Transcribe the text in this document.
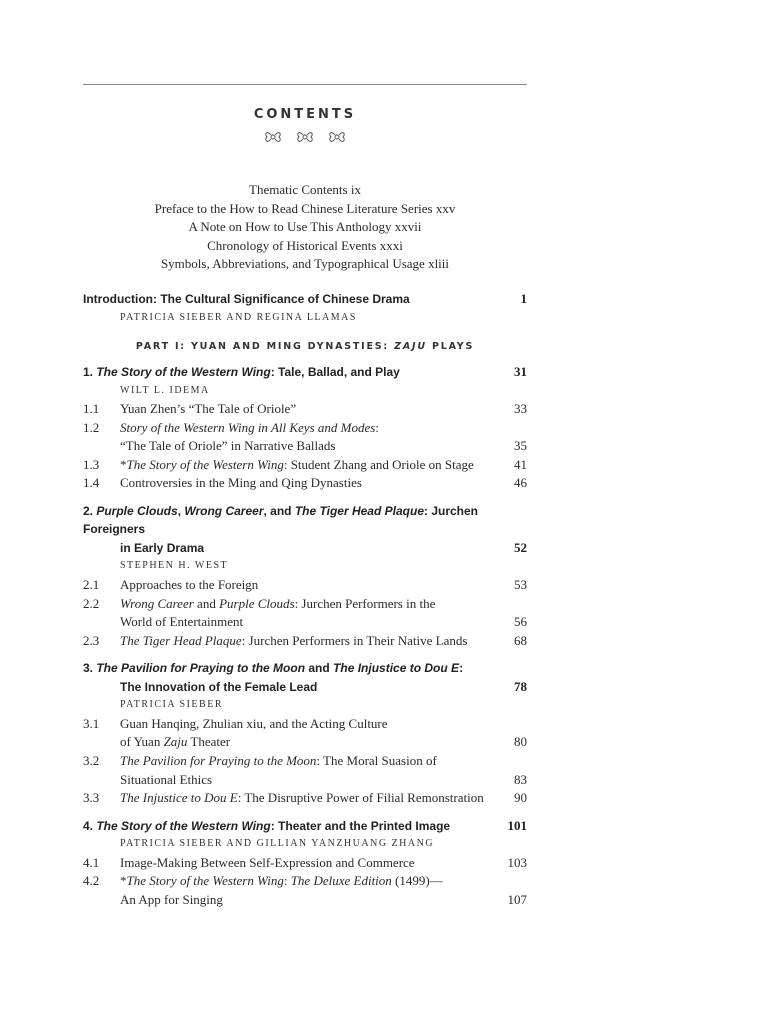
CONTENTS

Thematic Contents ix
Preface to the How to Read Chinese Literature Series xxv
A Note on How to Use This Anthology xxvii
Chronology of Historical Events xxxi
Symbols, Abbreviations, and Typographical Usage xliii
Introduction: The Cultural Significance of Chinese Drama	1
PATRICIA SIEBER AND REGINA LLAMAS
PART I: YUAN AND MING DYNASTIES: ZAJU PLAYS
1. The Story of the Western Wing: Tale, Ballad, and Play	31
WILT L. IDEMA
1.1 Yuan Zhen’s “The Tale of Oriole”	33
1.2 Story of the Western Wing in All Keys and Modes:
“The Tale of Oriole” in Narrative Ballads	35
1.3 *The Story of the Western Wing: Student Zhang and Oriole on Stage	41
1.4 Controversies in the Ming and Qing Dynasties	46
2. Purple Clouds, Wrong Career, and The Tiger Head Plaque: Jurchen Foreigners
in Early Drama	52
STEPHEN H. WEST
2.1 Approaches to the Foreign	53
2.2 Wrong Career and Purple Clouds: Jurchen Performers in the
World of Entertainment	56
2.3 The Tiger Head Plaque: Jurchen Performers in Their Native Lands	68
3. The Pavilion for Praying to the Moon and The Injustice to Dou E:
The Innovation of the Female Lead	78
PATRICIA SIEBER
3.1 Guan Hanqing, Zhulian xiu, and the Acting Culture
of Yuan Zaju Theater	80
3.2 The Pavilion for Praying to the Moon: The Moral Suasion of
Situational Ethics	83
3.3 The Injustice to Dou E: The Disruptive Power of Filial Remonstration 90
4. The Story of the Western Wing: Theater and the Printed Image	101
PATRICIA SIEBER AND GILLIAN YANZHUANG ZHANG
4.1 Image-Making Between Self-Expression and Commerce	103
4.2 *The Story of the Western Wing: The Deluxe Edition (1499)—
An App for Singing	107
